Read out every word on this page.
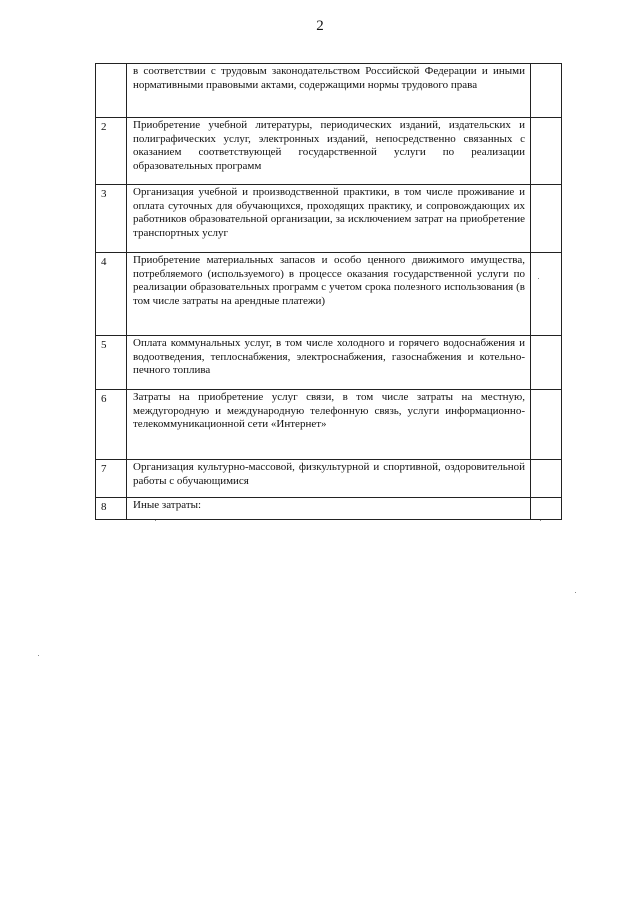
2
	в соответствии с трудовым законодательством Российской Федерации и иными нормативными правовыми актами, содержащими нормы трудового права	
2	Приобретение учебной литературы, периодических изданий, издательских и полиграфических услуг, электронных изданий, непосредственно связанных с оказанием соответствующей государственной услуги по реализации образовательных программ	
3	Организация учебной и производственной практики, в том числе проживание и оплата суточных для обучающихся, проходящих практику, и сопровождающих их работников образовательной организации, за исключением затрат на приобретение транспортных услуг	
4	Приобретение материальных запасов и особо ценного движимого имущества, потребляемого (используемого) в процессе оказания государственной услуги по реализации образовательных программ с учетом срока полезного использования (в том числе затраты на арендные платежи)	
5	Оплата коммунальных услуг, в том числе холодного и горячего водоснабжения и водоотведения, теплоснабжения, электроснабжения, газоснабжения и котельно-печного топлива	
6	Затраты на приобретение услуг связи, в том числе затраты на местную, междугородную и международную телефонную связь, услуги информационно-телекоммуникационной сети «Интернет»	
7	Организация культурно-массовой, физкультурной и спортивной, оздоровительной работы с обучающимися	
8	Иные затраты:	
